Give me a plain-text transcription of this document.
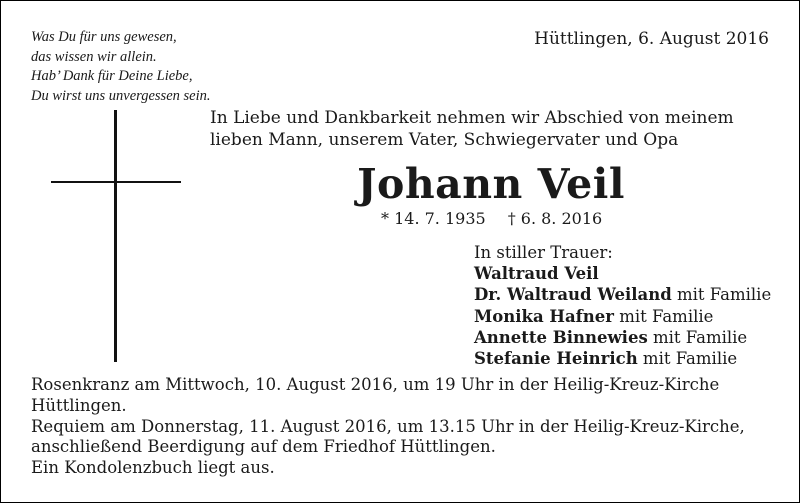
Was Du für uns gewesen,
das wissen wir allein.
Hab’ Dank für Deine Liebe,
Du wirst uns unvergessen sein.
Hüttlingen, 6. August 2016
In Liebe und Dankbarkeit nehmen wir Abschied von meinem
lieben Mann, unserem Vater, Schwiegervater und Opa
Johann Veil
* 14. 7. 1935 † 6. 8. 2016
In stiller Trauer:
Waltraud Veil
Dr. Waltraud Weiland mit Familie
Monika Hafner mit Familie
Annette Binnewies mit Familie
Stefanie Heinrich mit Familie
Rosenkranz am Mittwoch, 10. August 2016, um 19 Uhr in der Heilig-Kreuz-Kirche
Hüttlingen.
Requiem am Donnerstag, 11. August 2016, um 13.15 Uhr in der Heilig-Kreuz-Kirche,
anschließend Beerdigung auf dem Friedhof Hüttlingen.
Ein Kondolenzbuch liegt aus.
